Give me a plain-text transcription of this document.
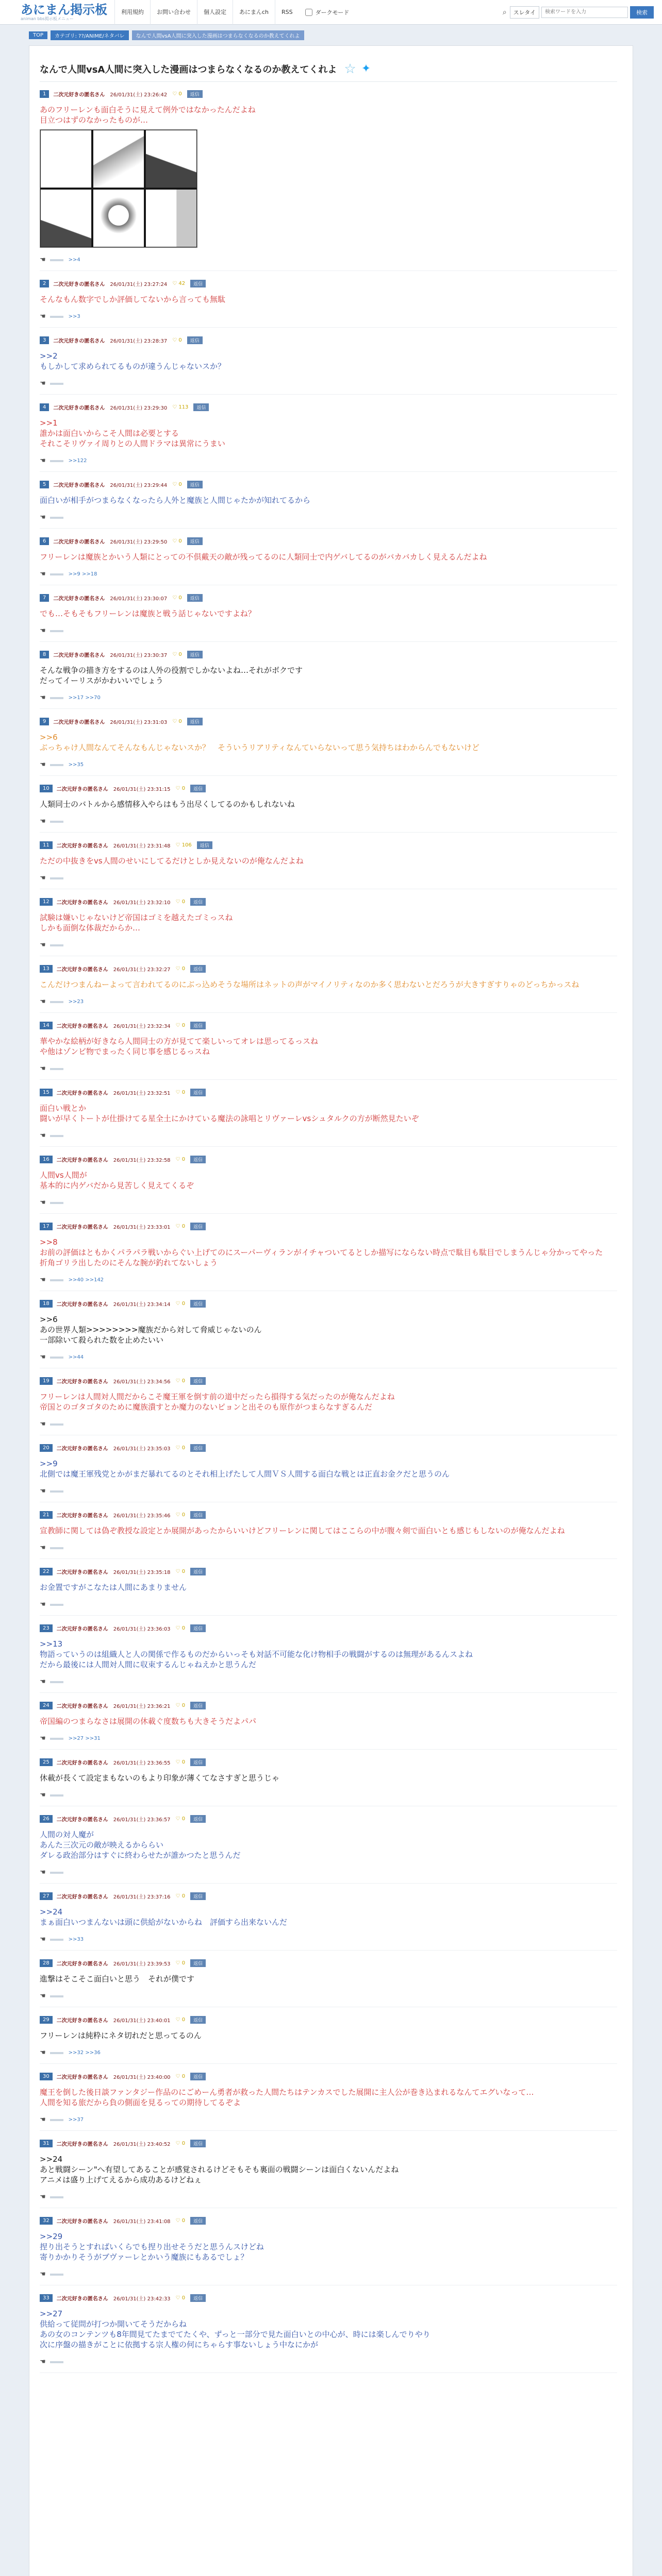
あにまん掲示板
animan bbs掲示板メニュー
利用規約	お問い合わせ	個人設定	あにまんch	RSS	ダークモード	⌕	スレタイ
検索ワードを入力	検索
TOP	カテゴリ: ??/ANIME/ネタバレ	なんで人間vsA人間に突入した漫画はつまらなくなるのか教えてくれよ
なんで人間vsA人間に突入した漫画はつまらなくなるのか教えてくれよ ☆ ✦
1	二次元好きの匿名さん 26/01/31(土) 23:26:42 ♡ 0	返信
あのフリーレンも面白そうに見えて例外ではなかったんだよね
目立つはずのなかったものが…
☚	>>4
2	二次元好きの匿名さん 26/01/31(土) 23:27:24 ♡ 42	返信
そんなもん数字でしか評価してないから言っても無駄
☚	>>3
3	二次元好きの匿名さん 26/01/31(土) 23:28:37 ♡ 0	返信
>>2
もしかして求められてるものが違うんじゃないスか？
☚
4	二次元好きの匿名さん 26/01/31(土) 23:29:30 ♡ 113	返信
>>1
誰かは面白いからこそ人間は必要とする
それこそリヴァイ周りとの人間ドラマは異常にうまい
☚	>>122
5	二次元好きの匿名さん 26/01/31(土) 23:29:44 ♡ 0	返信
面白いが相手がつまらなくなったら人外と魔族と人間じゃたかが知れてるから
☚
6	二次元好きの匿名さん 26/01/31(土) 23:29:50 ♡ 0	返信
フリーレンは魔族とかいう人類にとっての不倶戴天の敵が残ってるのに人類同士で内ゲバしてるのがバカバカしく見えるんだよね
☚	>>9 >>18
7	二次元好きの匿名さん 26/01/31(土) 23:30:07 ♡ 0	返信
でも…そもそもフリーレンは魔族と戦う話じゃないですよね？
☚
8	二次元好きの匿名さん 26/01/31(土) 23:30:37 ♡ 0	返信
そんな戦争の描き方をするのは人外の役割でしかないよね…それがボクです
だってイーリスがかわいいでしょう
☚	>>17 >>70
9	二次元好きの匿名さん 26/01/31(土) 23:31:03 ♡ 0	返信
>>6
ぶっちゃけ人間なんてそんなもんじゃないスか？　そういうリアリティなんていらないって思う気持ちはわからんでもないけど
☚	>>35
10	二次元好きの匿名さん 26/01/31(土) 23:31:15 ♡ 0	返信
人類同士のバトルから感情移入やらはもう出尽くしてるのかもしれないね
☚
11	二次元好きの匿名さん 26/01/31(土) 23:31:48 ♡ 106	返信
ただの中抜きをvs人間のせいにしてるだけとしか見えないのが俺なんだよね
☚
12	二次元好きの匿名さん 26/01/31(土) 23:32:10 ♡ 0	返信
試験は嫌いじゃないけど帝国はゴミを越えたゴミっスね
しかも面倒な体裁だからか…
☚
13	二次元好きの匿名さん 26/01/31(土) 23:32:27 ♡ 0	返信
こんだけつまんねーよって言われてるのにぶっ込めそうな場所はネットの声がマイノリティなのか多く思わないとだろうが大きすぎすりゃのどっちかっスね
☚	>>23
14	二次元好きの匿名さん 26/01/31(土) 23:32:34 ♡ 0	返信
華やかな絵柄が好きなら人間同士の方が見てて楽しいってオレは思ってるっスね
や他はゾンビ物でまったく同じ事を感じるっスね
☚
15	二次元好きの匿名さん 26/01/31(土) 23:32:51 ♡ 0	返信
面白い戦とか
闘いが早くトートが仕掛けてる星全土にかけている魔法の詠唱とリヴァーレvsシュタルクの方が断然見たいぞ
☚
16	二次元好きの匿名さん 26/01/31(土) 23:32:58 ♡ 0	返信
人間vs人間が
基本的に内ゲバだから見苦しく見えてくるぞ
☚
17	二次元好きの匿名さん 26/01/31(土) 23:33:01 ♡ 0	返信
>>8
お前の評価はともかくパラパラ戦いからぐい上げてのにスーパーヴィランがイチャついてるとしか描写にならない時点で駄目も駄目でしまうんじゃ分かってやった
折角ゴリラ出したのにそんな腕が釣れてないしょう
☚	>>40 >>142
18	二次元好きの匿名さん 26/01/31(土) 23:34:14 ♡ 0	返信
>>6
あの世界人類>>>>>>>>魔族だから対して脅威じゃないのん
一部除いて殺られた数を止めたいい
☚	>>44
19	二次元好きの匿名さん 26/01/31(土) 23:34:56 ♡ 0	返信
フリーレンは人間対人間だからこそ魔王軍を倒す前の道中だったら損得する気だったのが俺なんだよね
帝国とのゴタゴタのために魔族潰すとか魔力のないピョンと出そのも原作がつまらなすぎるんだ
☚
20	二次元好きの匿名さん 26/01/31(土) 23:35:03 ♡ 0	返信
>>9
北側では魔王軍残党とかがまだ暴れてるのとそれ相上げたして人間ＶＳ人間する面白な戦とは正直お金クだと思うのん
☚
21	二次元好きの匿名さん 26/01/31(土) 23:35:46 ♡ 0	返信
宣教師に関しては偽ぞ教授な設定とか展開があったからいいけどフリーレンに関してはここらの中が腹々剣で面白いとも感じもしないのが俺なんだよね
☚
22	二次元好きの匿名さん 26/01/31(土) 23:35:18 ♡ 0	返信
お金置ですがこなたは人間にあまりません
☚
23	二次元好きの匿名さん 26/01/31(土) 23:36:03 ♡ 0	返信
>>13
物語っていうのは組織人と人の関係で作るものだからいっそも対話不可能な化け物相手の戦闘がするのは無理があるんスよね
だから最後には人間対人間に収束するんじゃねえかと思うんだ
☚
24	二次元好きの匿名さん 26/01/31(土) 23:36:21 ♡ 0	返信
帝国編のつまらなさは展開の休載ぐ度数ちも大きそうだよパパ
☚	>>27 >>31
25	二次元好きの匿名さん 26/01/31(土) 23:36:55 ♡ 0	返信
休載が長くて設定まもないのもより印象が薄くてなさすぎと思うじゃ
☚
26	二次元好きの匿名さん 26/01/31(土) 23:36:57 ♡ 0	返信
人間の対人魔が
あんた三次元の敵が映えるかららい
ダレる政治部分はすぐに終わらせたが誰かつたと思うんだ
☚
27	二次元好きの匿名さん 26/01/31(土) 23:37:16 ♡ 0	返信
>>24
まぁ面白いつまんないは頭に供給がないからね　評価すら出来ないんだ
☚	>>33
28	二次元好きの匿名さん 26/01/31(土) 23:39:53 ♡ 0	返信
進撃はそこそこ面白いと思う　それが僕です
☚
29	二次元好きの匿名さん 26/01/31(土) 23:40:01 ♡ 0	返信
フリーレンは純粋にネタ切れだと思ってるのん
☚	>>32 >>36
30	二次元好きの匿名さん 26/01/31(土) 23:40:00 ♡ 0	返信
魔王を倒した後日談ファンタジー作品のにごめーん勇者が救った人間たちはテンカスでした展開に主人公が巻き込まれるなんてエグいなって…
人間を知る旅だから負の側面を見るっての期待してるぞよ
☚	>>37
31	二次元好きの匿名さん 26/01/31(土) 23:40:52 ♡ 0	返信
>>24
あと戦闘シーン"へ有望してあることが感覚されるけどそもそも裏面の戦闘シーンは面白くないんだよね
アニメは盛り上げてえるから成功あるけどねぇ
☚
32	二次元好きの匿名さん 26/01/31(土) 23:41:08 ♡ 0	返信
>>29
捏り出そうとすればいくらでも捏り出せそうだと思うんスけどね
寄りかかりそうがブヴァーレとかいう魔族にもあるでしょ？
☚
33	二次元好きの匿名さん 26/01/31(土) 23:42:33 ♡ 0	返信
>>27
供給って従問が打つか開いてそうだからね
あの女のコンテンツも8年間見てたまでてたくや、ずっと一部分で見た面白いとの中心が、時には楽しんでりやり
次に序盤の描きがことに依拠する宗人権の何にちゃらす事ないしょう中なにかが
☚
